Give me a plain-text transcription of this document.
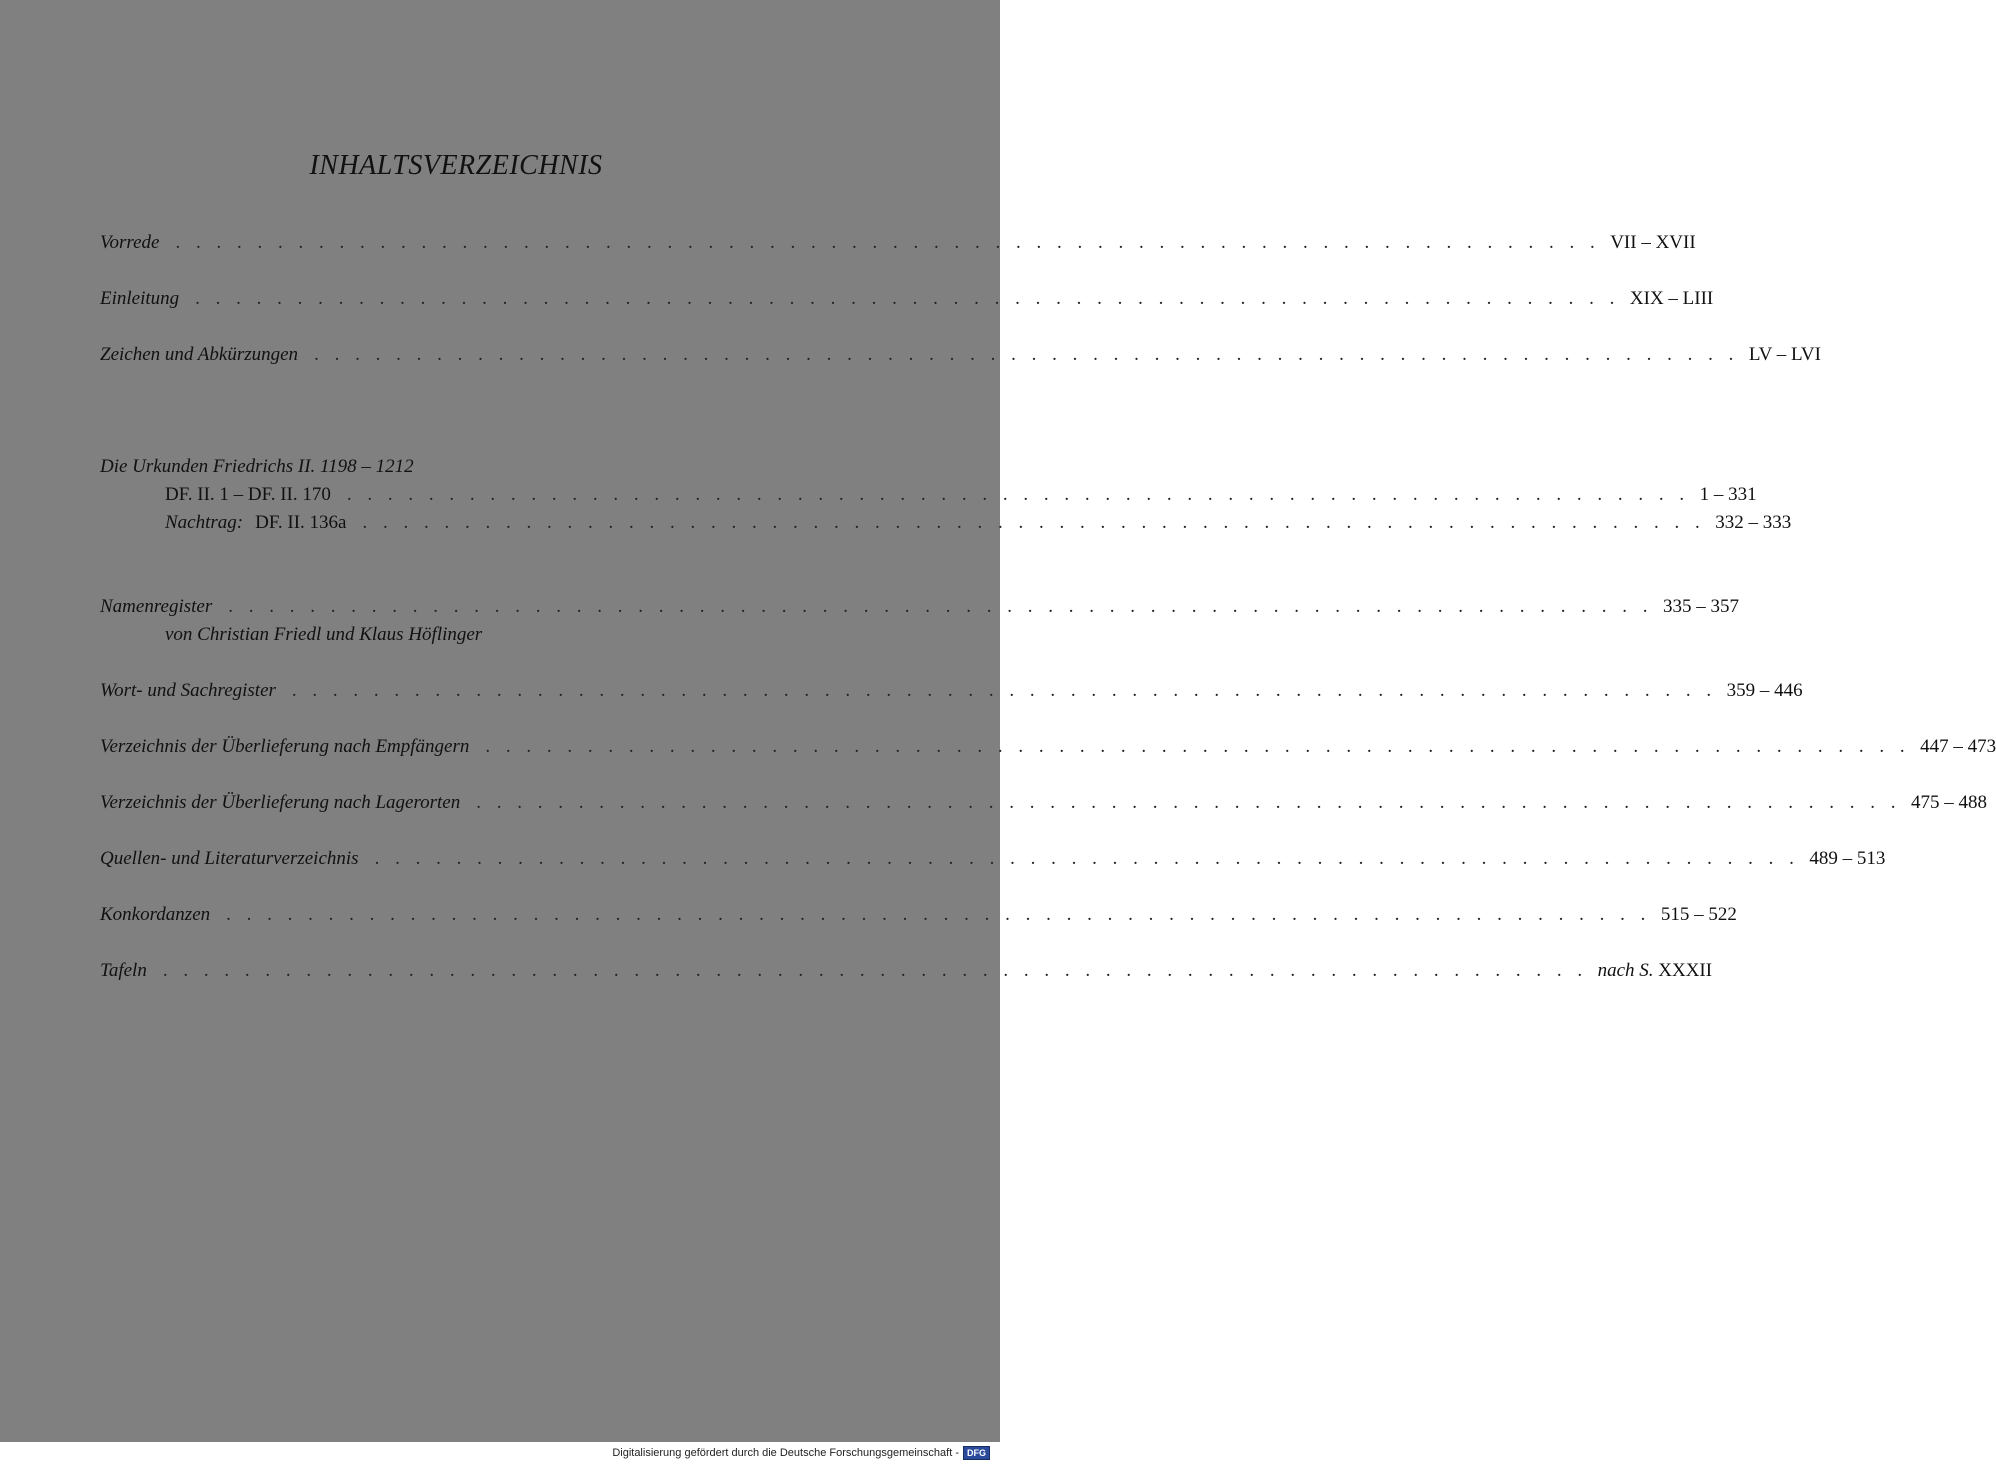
INHALTSVERZEICHNIS
Vorrede . . . . . . . . . . . . . . . . . . . . . . . . . . . . . . . . . . . . . . . . . . . . . . . . . . . . . . . . . . . . . . . . . . . . . . VII – XVII
Einleitung . . . . . . . . . . . . . . . . . . . . . . . . . . . . . . . . . . . . . . . . . . . . . . . . . . . . . . . . . . . . . . . . . . . . . . XIX – LIII
Zeichen und Abkürzungen . . . . . . . . . . . . . . . . . . . . . . . . . . . . . . . . . . . . . . . . . . . . . . . . . . . . . . . . . . . . . . . . . . . . . . LV – LVI
Die Urkunden Friedrichs II. 1198 – 1212
DF. II. 1 – DF. II. 170 . . . . . . . . . . . . . . . . . . . . . . . . . . . . . . . . . . . . . . . . . . . . . . . . . . . . . . . . . . . . . . . . . . 1 – 331
Nachtrag: DF. II. 136a . . . . . . . . . . . . . . . . . . . . . . . . . . . . . . . . . . . . . . . . . . . . . . . . . . . . . . . . . . . . . . . . . . 332 – 333
Namenregister . . . . . . . . . . . . . . . . . . . . . . . . . . . . . . . . . . . . . . . . . . . . . . . . . . . . . . . . . . . . . . . . . . . . . . 335 – 357
von Christian Friedl und Klaus Höflinger
Wort- und Sachregister . . . . . . . . . . . . . . . . . . . . . . . . . . . . . . . . . . . . . . . . . . . . . . . . . . . . . . . . . . . . . . . . . . . . . . 359 – 446
Verzeichnis der Überlieferung nach Empfängern . . . . . . . . . . . . . . . . . . . . . . . . . . . . . . . . . . . . . . . . . . . . . . . . . . . . . . . . . . . . . . . . . . . . . . 447 – 473
Verzeichnis der Überlieferung nach Lagerorten . . . . . . . . . . . . . . . . . . . . . . . . . . . . . . . . . . . . . . . . . . . . . . . . . . . . . . . . . . . . . . . . . . . . . . 475 – 488
Quellen- und Literaturverzeichnis . . . . . . . . . . . . . . . . . . . . . . . . . . . . . . . . . . . . . . . . . . . . . . . . . . . . . . . . . . . . . . . . . . . . . . 489 – 513
Konkordanzen . . . . . . . . . . . . . . . . . . . . . . . . . . . . . . . . . . . . . . . . . . . . . . . . . . . . . . . . . . . . . . . . . . . . . . 515 – 522
Tafeln . . . . . . . . . . . . . . . . . . . . . . . . . . . . . . . . . . . . . . . . . . . . . . . . . . . . . . . . . . . . . . . . . . . . . . nach S. XXXII
Digitalisierung gefördert durch die Deutsche Forschungsgemeinschaft - DFG
